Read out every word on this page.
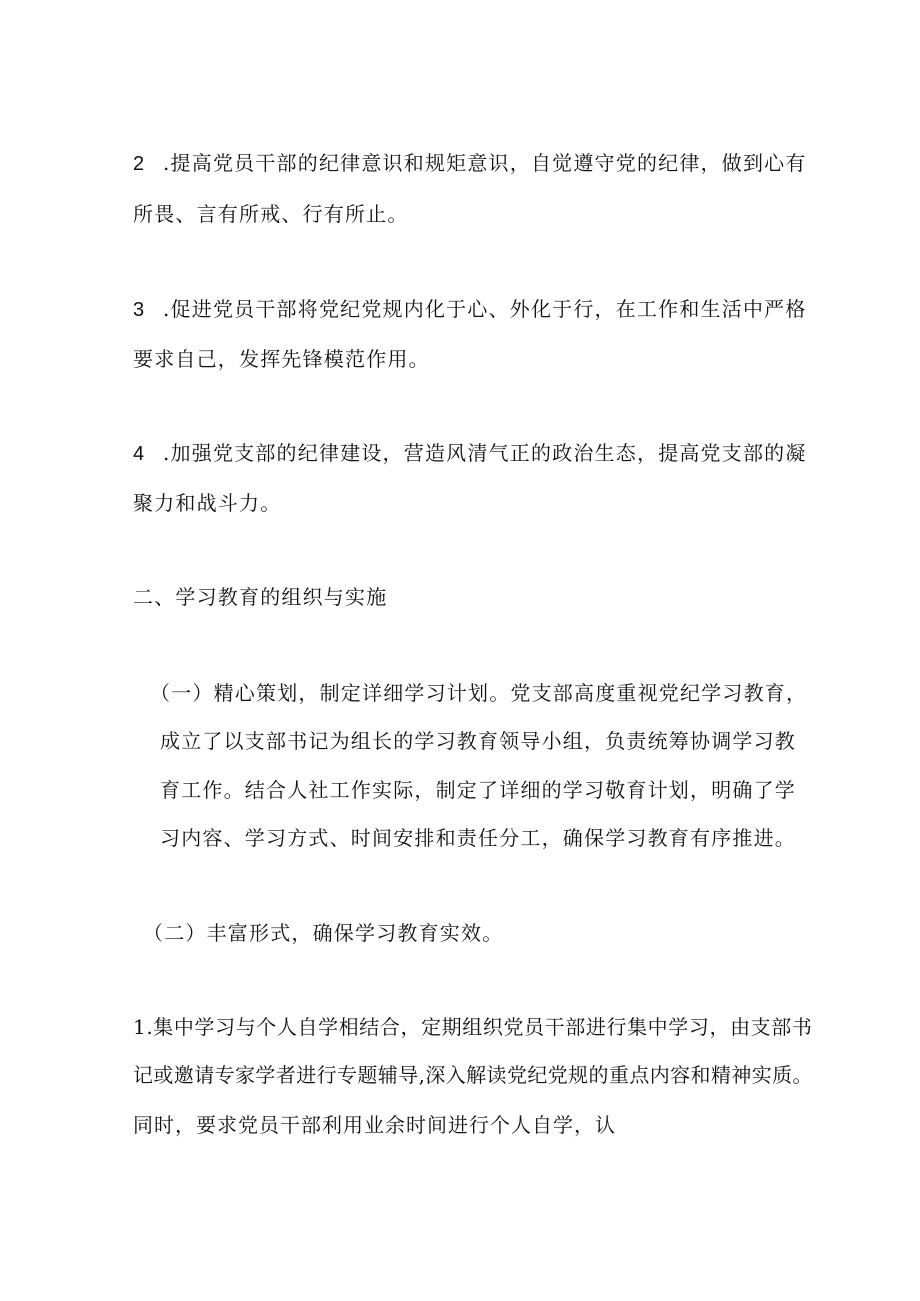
2 .提高党员干部的纪律意识和规矩意识，自觉遵守党的纪律，做到心有
所畏、言有所戒、行有所止。
3 .促进党员干部将党纪党规内化于心、外化于行，在工作和生活中严格
要求自己，发挥先锋模范作用。
4 .加强党支部的纪律建设，营造风清气正的政治生态，提高党支部的凝
聚力和战斗力。
二、学习教育的组织与实施
（一）精心策划，制定详细学习计划。党支部高度重视党纪学习教育，
成立了以支部书记为组长的学习教育领导小组，负责统筹协调学习教
育工作。结合人社工作实际，制定了详细的学习敬育计划，明确了学
习内容、学习方式、时间安排和责任分工，确保学习教育有序推进。
（二）丰富形式，确保学习教育实效。
1.集中学习与个人自学相结合，定期组织党员干部进行集中学习，由支部书
记或邀请专家学者进行专题辅导,深入解读党纪党规的重点内容和精神实质。
同时，要求党员干部利用业余时间进行个人自学，认
